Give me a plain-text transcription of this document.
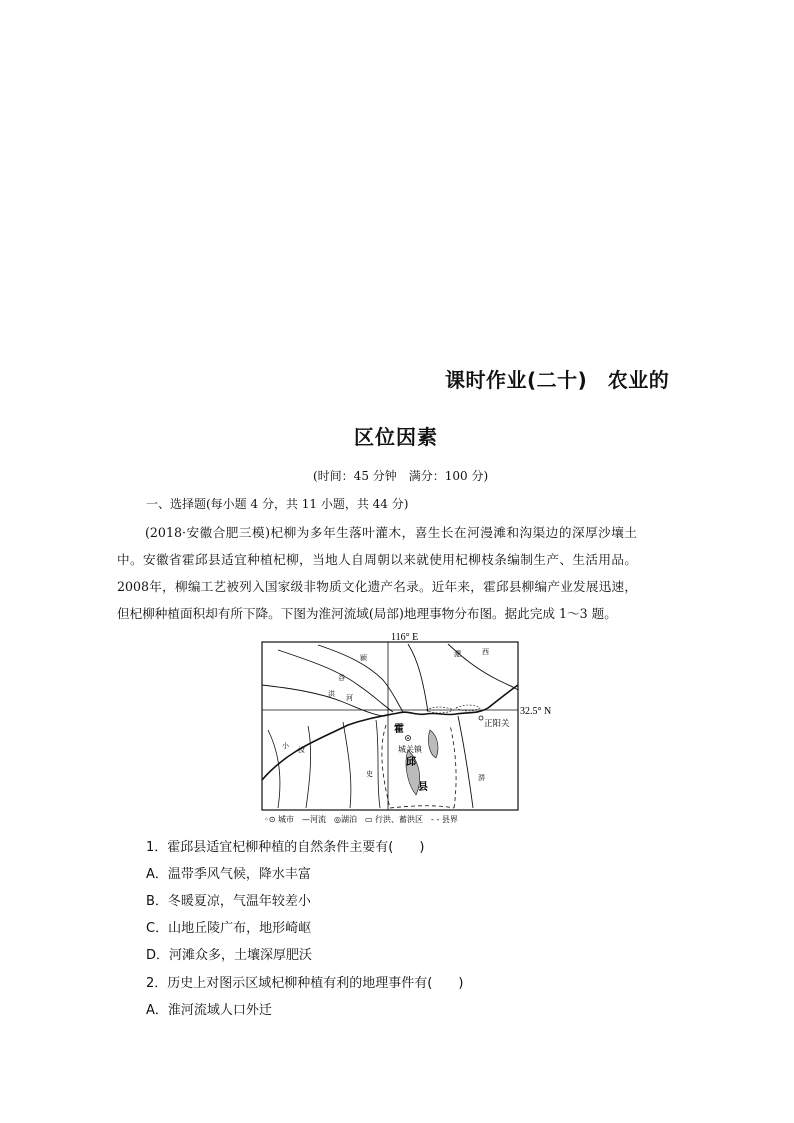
课时作业(二十)　农业的
区位因素
(时间：45 分钟　满分：100 分)
一、选择题(每小题 4 分，共 11 小题，共 44 分)
(2018·安徽合肥三模)杞柳为多年生落叶灌木，喜生长在河漫滩和沟渠边的深厚沙壤土中。安徽省霍邱县适宜种植杞柳，当地人自周朝以来就使用杞柳枝条编制生产、生活用品。2008年，柳编工艺被列入国家级非物质文化遗产名录。近年来，霍邱县柳编产业发展迅速，但杞柳种植面积却有所下降。下图为淮河流域(局部)地理事物分布图。据此完成 1～3 题。
116° E
32.5° N
正阳关
城关镇
霍
邱
县
洪 河
颍
谷
西
淝
史
小
淠
汝
◦⊙ 城市　—河流　◎湖泊　▭ 行洪、蓄洪区　- - 县界
1．霍邱县适宜杞柳种植的自然条件主要有(　　)
A．温带季风气候，降水丰富
B．冬暖夏凉，气温年较差小
C．山地丘陵广布，地形崎岖
D．河滩众多，土壤深厚肥沃
2．历史上对图示区域杞柳种植有利的地理事件有(　　)
A．淮河流域人口外迁
